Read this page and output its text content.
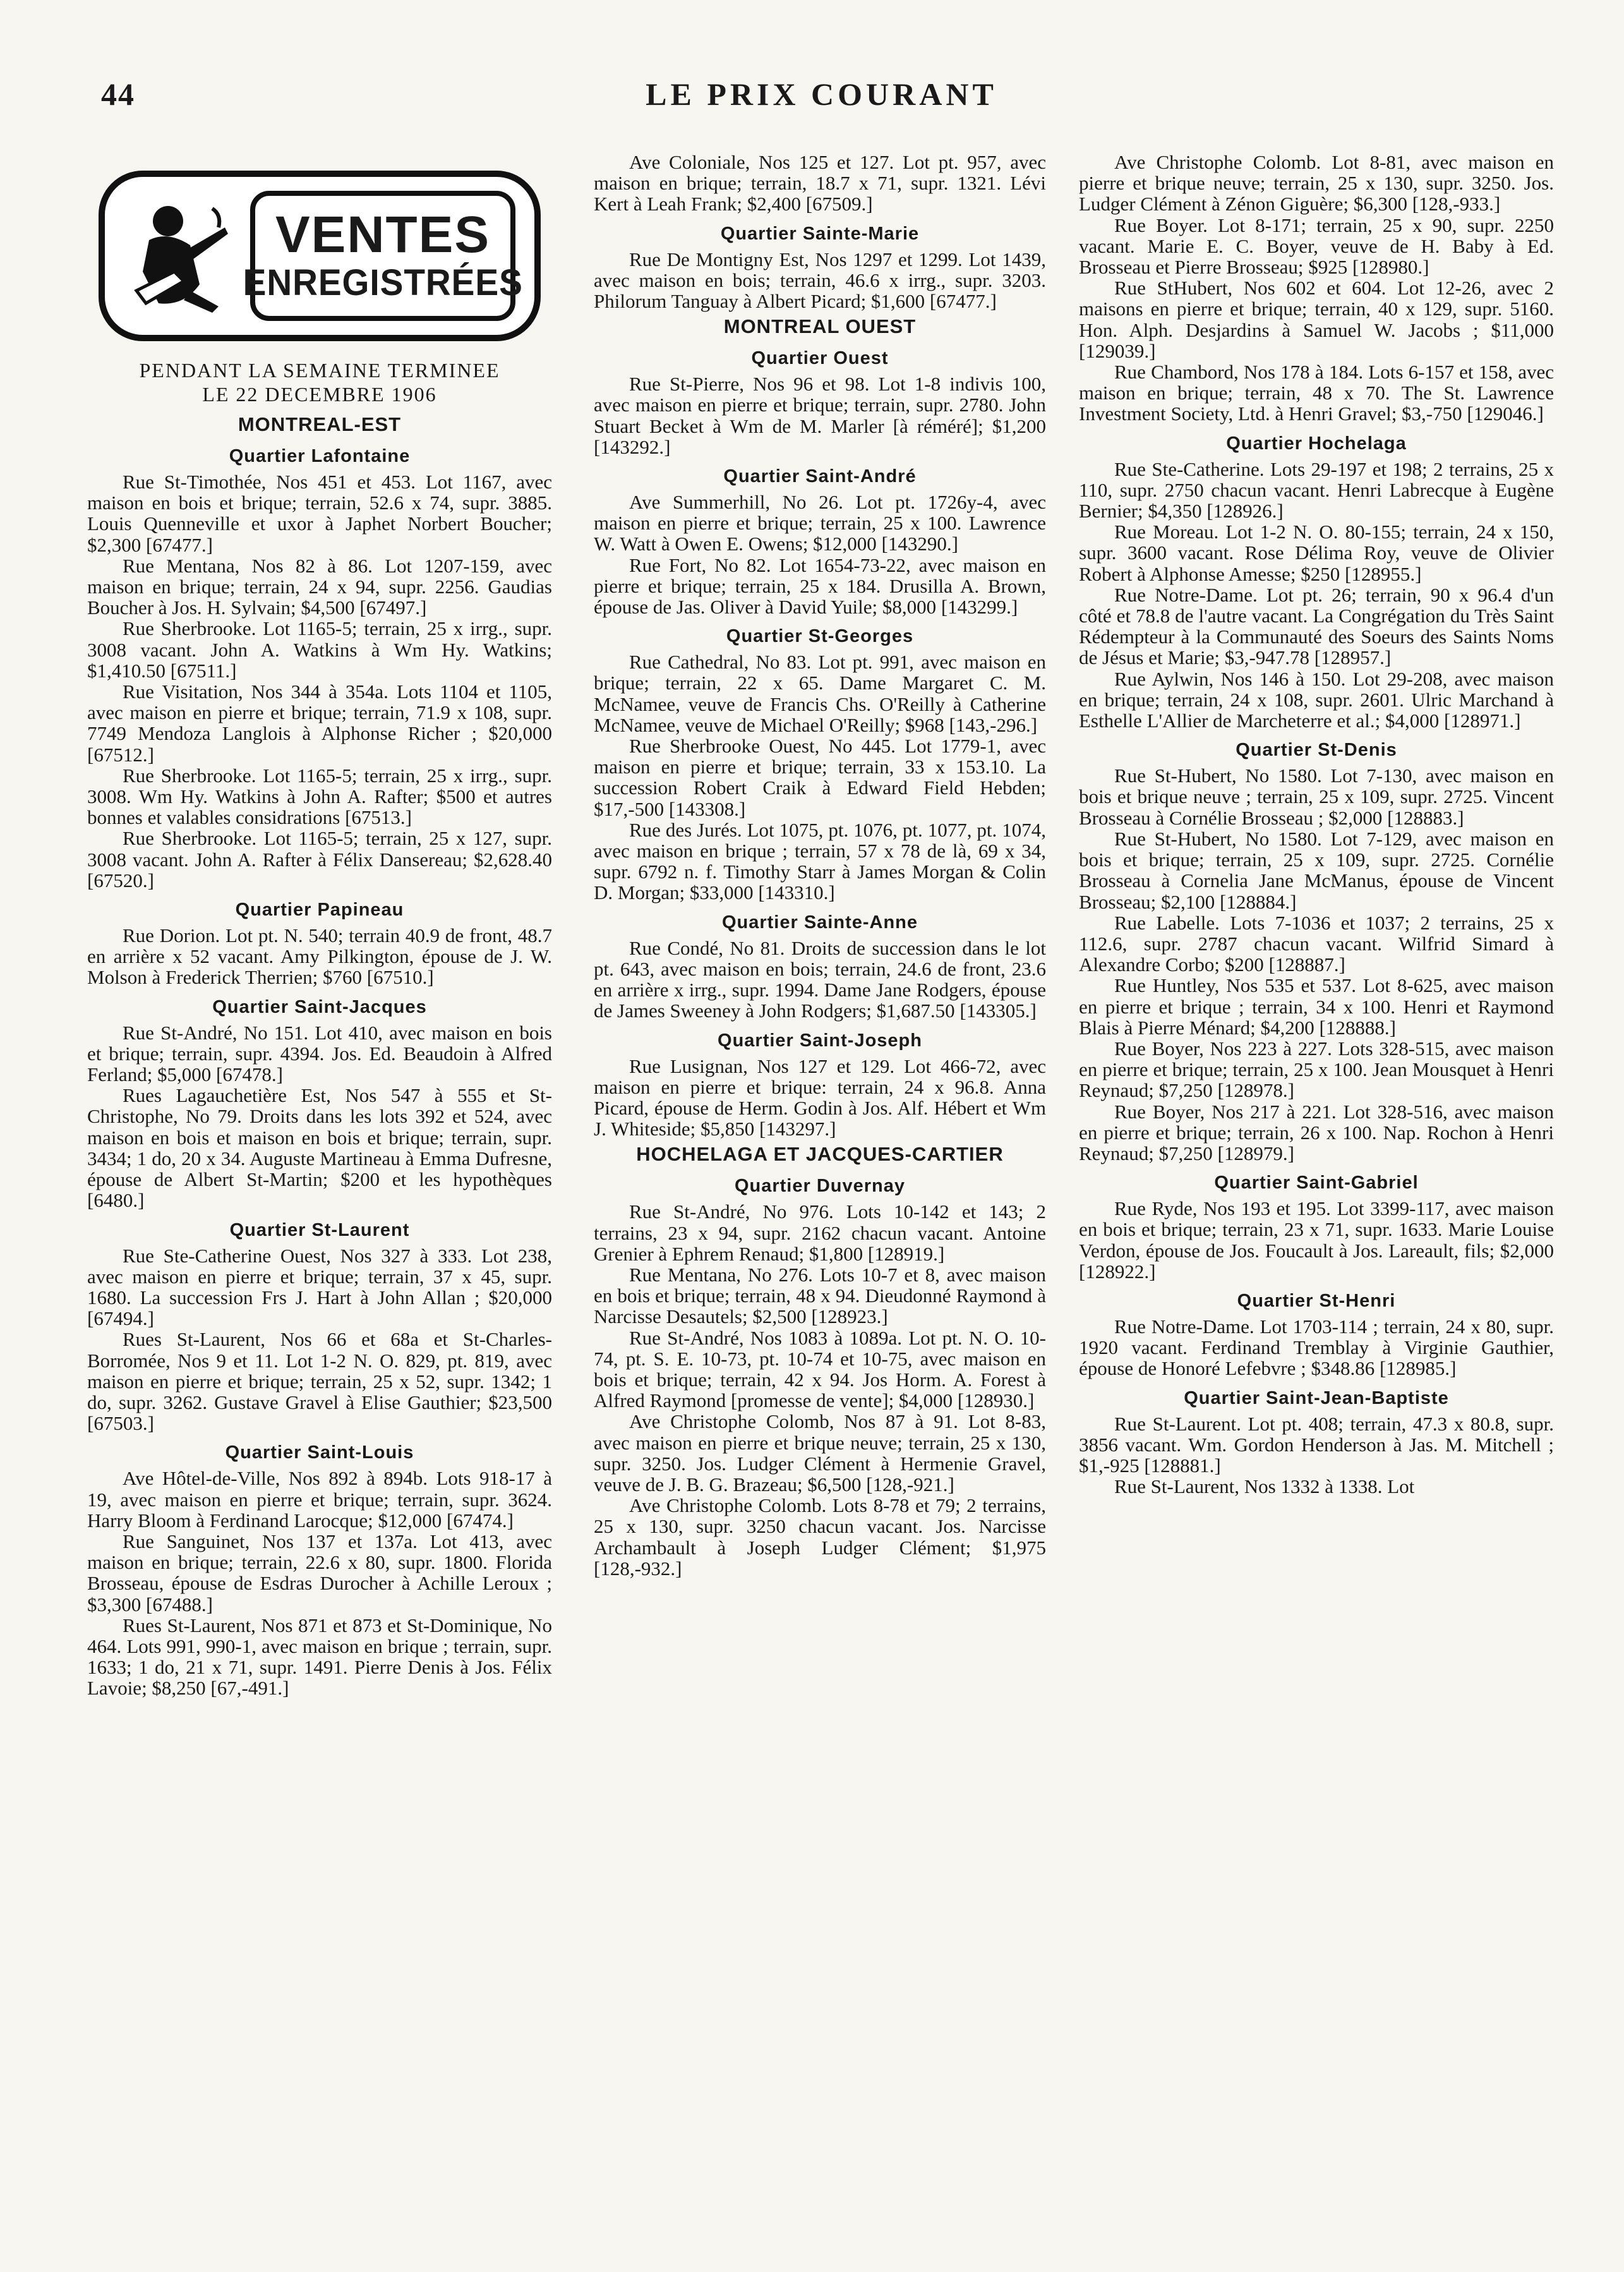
44	LE PRIX COURANT
VENTES
ENREGISTRÉES
PENDANT LA SEMAINE TERMINEE
LE 22 DECEMBRE 1906

MONTREAL-EST

Quartier Lafontaine

Rue St-Timothée, Nos 451 et 453. Lot 1167, avec maison en bois et brique; terrain, 52.6 x 74, supr. 3885. Louis Quenneville et uxor à Japhet Norbert Boucher; $2,300 [67477.]

Rue Mentana, Nos 82 à 86. Lot 1207-159, avec maison en brique; terrain, 24 x 94, supr. 2256. Gaudias Boucher à Jos. H. Sylvain; $4,500 [67497.]

Rue Sherbrooke. Lot 1165-5; terrain, 25 x irrg., supr. 3008 vacant. John A. Watkins à Wm Hy. Watkins; $1,410.50 [67511.]

Rue Visitation, Nos 344 à 354a. Lots 1104 et 1105, avec maison en pierre et brique; terrain, 71.9 x 108, supr. 7749 Mendoza Langlois à Alphonse Richer ; $20,000 [67512.]

Rue Sherbrooke. Lot 1165-5; terrain, 25 x irrg., supr. 3008. Wm Hy. Watkins à John A. Rafter; $500 et autres bonnes et valables considrations [67513.]

Rue Sherbrooke. Lot 1165-5; terrain, 25 x 127, supr. 3008 vacant. John A. Rafter à Félix Dansereau; $2,628.40 [67520.]

Quartier Papineau

Rue Dorion. Lot pt. N. 540; terrain 40.9 de front, 48.7 en arrière x 52 vacant. Amy Pilkington, épouse de J. W. Molson à Frederick Therrien; $760 [67510.]

Quartier Saint-Jacques

Rue St-André, No 151. Lot 410, avec maison en bois et brique; terrain, supr. 4394. Jos. Ed. Beaudoin à Alfred Ferland; $5,000 [67478.]

Rues Lagauchetière Est, Nos 547 à 555 et St-Christophe, No 79. Droits dans les lots 392 et 524, avec maison en bois et maison en bois et brique; terrain, supr. 3434; 1 do, 20 x 34. Auguste Martineau à Emma Dufresne, épouse de Albert St-Martin; $200 et les hypothèques [6480.]

Quartier St-Laurent

Rue Ste-Catherine Ouest, Nos 327 à 333. Lot 238, avec maison en pierre et brique; terrain, 37 x 45, supr. 1680. La succession Frs J. Hart à John Allan ; $20,000 [67494.]

Rues St-Laurent, Nos 66 et 68a et St-Charles-Borromée, Nos 9 et 11. Lot 1-2 N. O. 829, pt. 819, avec maison en pierre et brique; terrain, 25 x 52, supr. 1342; 1 do, supr. 3262. Gustave Gravel à Elise Gauthier; $23,500 [67503.]

Quartier Saint-Louis

Ave Hôtel-de-Ville, Nos 892 à 894b. Lots 918-17 à 19, avec maison en pierre et brique; terrain, supr. 3624. Harry Bloom à Ferdinand Larocque; $12,000 [67474.]

Rue Sanguinet, Nos 137 et 137a. Lot 413, avec maison en brique; terrain, 22.6 x 80, supr. 1800. Florida Brosseau, épouse de Esdras Durocher à Achille Leroux ; $3,300 [67488.]

Rues St-Laurent, Nos 871 et 873 et St-Dominique, No 464. Lots 991, 990-1, avec maison en brique ; terrain, supr. 1633; 1 do, 21 x 71, supr. 1491. Pierre Denis à Jos. Félix Lavoie; $8,250 [67,-491.]

Ave Coloniale, Nos 125 et 127. Lot pt. 957, avec maison en brique; terrain, 18.7 x 71, supr. 1321. Lévi Kert à Leah Frank; $2,400 [67509.]

Quartier Sainte-Marie

Rue De Montigny Est, Nos 1297 et 1299. Lot 1439, avec maison en bois; terrain, 46.6 x irrg., supr. 3203. Philorum Tanguay à Albert Picard; $1,600 [67477.]

MONTREAL OUEST

Quartier Ouest

Rue St-Pierre, Nos 96 et 98. Lot 1-8 indivis 100, avec maison en pierre et brique; terrain, supr. 2780. John Stuart Becket à Wm de M. Marler [à réméré]; $1,200 [143292.]

Quartier Saint-André

Ave Summerhill, No 26. Lot pt. 1726y-4, avec maison en pierre et brique; terrain, 25 x 100. Lawrence W. Watt à Owen E. Owens; $12,000 [143290.]

Rue Fort, No 82. Lot 1654-73-22, avec maison en pierre et brique; terrain, 25 x 184. Drusilla A. Brown, épouse de Jas. Oliver à David Yuile; $8,000 [143299.]

Quartier St-Georges

Rue Cathedral, No 83. Lot pt. 991, avec maison en brique; terrain, 22 x 65. Dame Margaret C. M. McNamee, veuve de Francis Chs. O'Reilly à Catherine McNamee, veuve de Michael O'Reilly; $968 [143,-296.]

Rue Sherbrooke Ouest, No 445. Lot 1779-1, avec maison en pierre et brique; terrain, 33 x 153.10. La succession Robert Craik à Edward Field Hebden; $17,-500 [143308.]

Rue des Jurés. Lot 1075, pt. 1076, pt. 1077, pt. 1074, avec maison en brique ; terrain, 57 x 78 de là, 69 x 34, supr. 6792 n. f. Timothy Starr à James Morgan & Colin D. Morgan; $33,000 [143310.]

Quartier Sainte-Anne

Rue Condé, No 81. Droits de succession dans le lot pt. 643, avec maison en bois; terrain, 24.6 de front, 23.6 en arrière x irrg., supr. 1994. Dame Jane Rodgers, épouse de James Sweeney à John Rodgers; $1,687.50 [143305.]

Quartier Saint-Joseph

Rue Lusignan, Nos 127 et 129. Lot 466-72, avec maison en pierre et brique: terrain, 24 x 96.8. Anna Picard, épouse de Herm. Godin à Jos. Alf. Hébert et Wm J. Whiteside; $5,850 [143297.]

HOCHELAGA ET JACQUES-CARTIER

Quartier Duvernay

Rue St-André, No 976. Lots 10-142 et 143; 2 terrains, 23 x 94, supr. 2162 chacun vacant. Antoine Grenier à Ephrem Renaud; $1,800 [128919.]

Rue Mentana, No 276. Lots 10-7 et 8, avec maison en bois et brique; terrain, 48 x 94. Dieudonné Raymond à Narcisse Desautels; $2,500 [128923.]

Rue St-André, Nos 1083 à 1089a. Lot pt. N. O. 10-74, pt. S. E. 10-73, pt. 10-74 et 10-75, avec maison en bois et brique; terrain, 42 x 94. Jos Horm. A. Forest à Alfred Raymond [promesse de vente]; $4,000 [128930.]

Ave Christophe Colomb, Nos 87 à 91. Lot 8-83, avec maison en pierre et brique neuve; terrain, 25 x 130, supr. 3250. Jos. Ludger Clément à Hermenie Gravel, veuve de J. B. G. Brazeau; $6,500 [128,-921.]

Ave Christophe Colomb. Lots 8-78 et 79; 2 terrains, 25 x 130, supr. 3250 chacun vacant. Jos. Narcisse Archambault à Joseph Ludger Clément; $1,975 [128,-932.]

Ave Christophe Colomb. Lot 8-81, avec maison en pierre et brique neuve; terrain, 25 x 130, supr. 3250. Jos. Ludger Clément à Zénon Giguère; $6,300 [128,-933.]

Rue Boyer. Lot 8-171; terrain, 25 x 90, supr. 2250 vacant. Marie E. C. Boyer, veuve de H. Baby à Ed. Brosseau et Pierre Brosseau; $925 [128980.]

Rue StHubert, Nos 602 et 604. Lot 12-26, avec 2 maisons en pierre et brique; terrain, 40 x 129, supr. 5160. Hon. Alph. Desjardins à Samuel W. Jacobs ; $11,000 [129039.]

Rue Chambord, Nos 178 à 184. Lots 6-157 et 158, avec maison en brique; terrain, 48 x 70. The St. Lawrence Investment Society, Ltd. à Henri Gravel; $3,-750 [129046.]

Quartier Hochelaga

Rue Ste-Catherine. Lots 29-197 et 198; 2 terrains, 25 x 110, supr. 2750 chacun vacant. Henri Labrecque à Eugène Bernier; $4,350 [128926.]

Rue Moreau. Lot 1-2 N. O. 80-155; terrain, 24 x 150, supr. 3600 vacant. Rose Délima Roy, veuve de Olivier Robert à Alphonse Amesse; $250 [128955.]

Rue Notre-Dame. Lot pt. 26; terrain, 90 x 96.4 d'un côté et 78.8 de l'autre vacant. La Congrégation du Très Saint Rédempteur à la Communauté des Soeurs des Saints Noms de Jésus et Marie; $3,-947.78 [128957.]

Rue Aylwin, Nos 146 à 150. Lot 29-208, avec maison en brique; terrain, 24 x 108, supr. 2601. Ulric Marchand à Esthelle L'Allier de Marcheterre et al.; $4,000 [128971.]

Quartier St-Denis

Rue St-Hubert, No 1580. Lot 7-130, avec maison en bois et brique neuve ; terrain, 25 x 109, supr. 2725. Vincent Brosseau à Cornélie Brosseau ; $2,000 [128883.]

Rue St-Hubert, No 1580. Lot 7-129, avec maison en bois et brique; terrain, 25 x 109, supr. 2725. Cornélie Brosseau à Cornelia Jane McManus, épouse de Vincent Brosseau; $2,100 [128884.]

Rue Labelle. Lots 7-1036 et 1037; 2 terrains, 25 x 112.6, supr. 2787 chacun vacant. Wilfrid Simard à Alexandre Corbo; $200 [128887.]

Rue Huntley, Nos 535 et 537. Lot 8-625, avec maison en pierre et brique ; terrain, 34 x 100. Henri et Raymond Blais à Pierre Ménard; $4,200 [128888.]

Rue Boyer, Nos 223 à 227. Lots 328-515, avec maison en pierre et brique; terrain, 25 x 100. Jean Mousquet à Henri Reynaud; $7,250 [128978.]

Rue Boyer, Nos 217 à 221. Lot 328-516, avec maison en pierre et brique; terrain, 26 x 100. Nap. Rochon à Henri Reynaud; $7,250 [128979.]

Quartier Saint-Gabriel

Rue Ryde, Nos 193 et 195. Lot 3399-117, avec maison en bois et brique; terrain, 23 x 71, supr. 1633. Marie Louise Verdon, épouse de Jos. Foucault à Jos. Lareault, fils; $2,000 [128922.]

Quartier St-Henri

Rue Notre-Dame. Lot 1703-114 ; terrain, 24 x 80, supr. 1920 vacant. Ferdinand Tremblay à Virginie Gauthier, épouse de Honoré Lefebvre ; $348.86 [128985.]

Quartier Saint-Jean-Baptiste

Rue St-Laurent. Lot pt. 408; terrain, 47.3 x 80.8, supr. 3856 vacant. Wm. Gordon Henderson à Jas. M. Mitchell ; $1,-925 [128881.]

Rue St-Laurent, Nos 1332 à 1338. Lot
